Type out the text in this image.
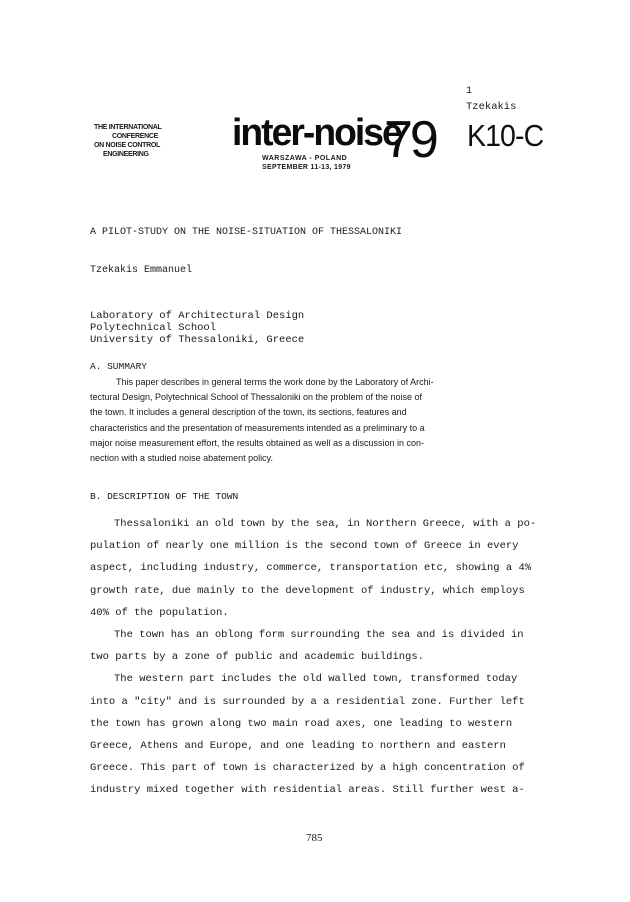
1
Tzekakis
K10-C
THE INTERNATIONAL
CONFERENCE
ON NOISE CONTROL
ENGINEERING
inter-noise
79
WARSZAWA - POLAND
SEPTEMBER 11-13, 1979
A PILOT-STUDY ON THE NOISE-SITUATION OF THESSALONIKI
Tzekakis Emmanuel
Laboratory of Architectural Design
Polytechnical School
University of Thessaloniki, Greece
A. SUMMARY
This paper describes in general terms the work done by the Laboratory of Archi-
tectural Design, Polytechnical School of Thessaloniki on the problem of the noise of
the town. It includes a general description of the town, its sections, features and
characteristics and the presentation of measurements intended as a preliminary to a
major noise measurement effort, the results obtained as well as a discussion in con-
nection with a studied noise abatement policy.
B. DESCRIPTION OF THE TOWN
Thessaloniki an old town by the sea, in Northern Greece, with a po-
pulation of nearly one million is the second town of Greece in every
aspect, including industry, commerce, transportation etc, showing a 4%
growth rate, due mainly to the development of industry, which employs
40% of the population.
The town has an oblong form surrounding the sea and is divided in
two parts by a zone of public and academic buildings.
The western part includes the old walled town, transformed today
into a "city" and is surrounded by a a residential zone. Further left
the town has grown along two main road axes, one leading to western
Greece, Athens and Europe, and one leading to northern and eastern
Greece. This part of town is characterized by a high concentration of
industry mixed together with residential areas. Still further west a-
785
